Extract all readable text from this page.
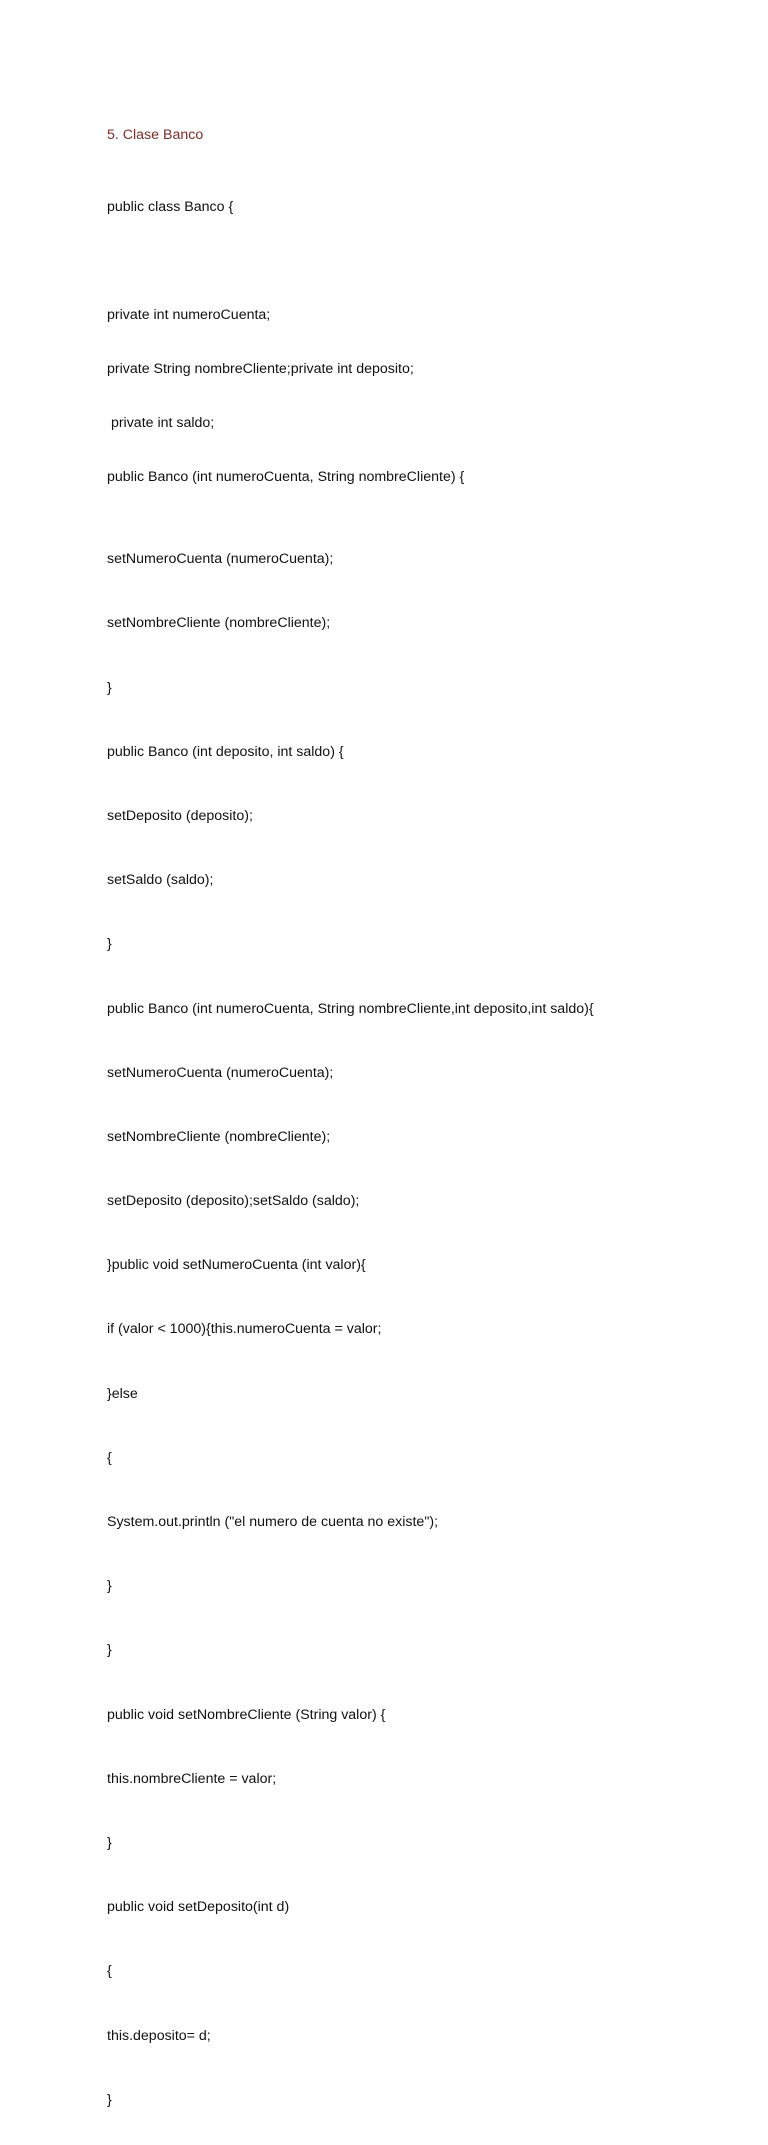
5. Clase Banco

public class Banco {

private int numeroCuenta;

private String nombreCliente;private int deposito;

private int saldo;

public Banco (int numeroCuenta, String nombreCliente) {

setNumeroCuenta (numeroCuenta);

setNombreCliente (nombreCliente);

}

public Banco (int deposito, int saldo) {

setDeposito (deposito);

setSaldo (saldo);

}

public Banco (int numeroCuenta, String nombreCliente,int deposito,int saldo){

setNumeroCuenta (numeroCuenta);

setNombreCliente (nombreCliente);

setDeposito (deposito);setSaldo (saldo);

}public void setNumeroCuenta (int valor){

if (valor < 1000){this.numeroCuenta = valor;

}else

{

System.out.println ("el numero de cuenta no existe");

}

}

public void setNombreCliente (String valor) {

this.nombreCliente = valor;

}

public void setDeposito(int d)

{

this.deposito= d;

}
